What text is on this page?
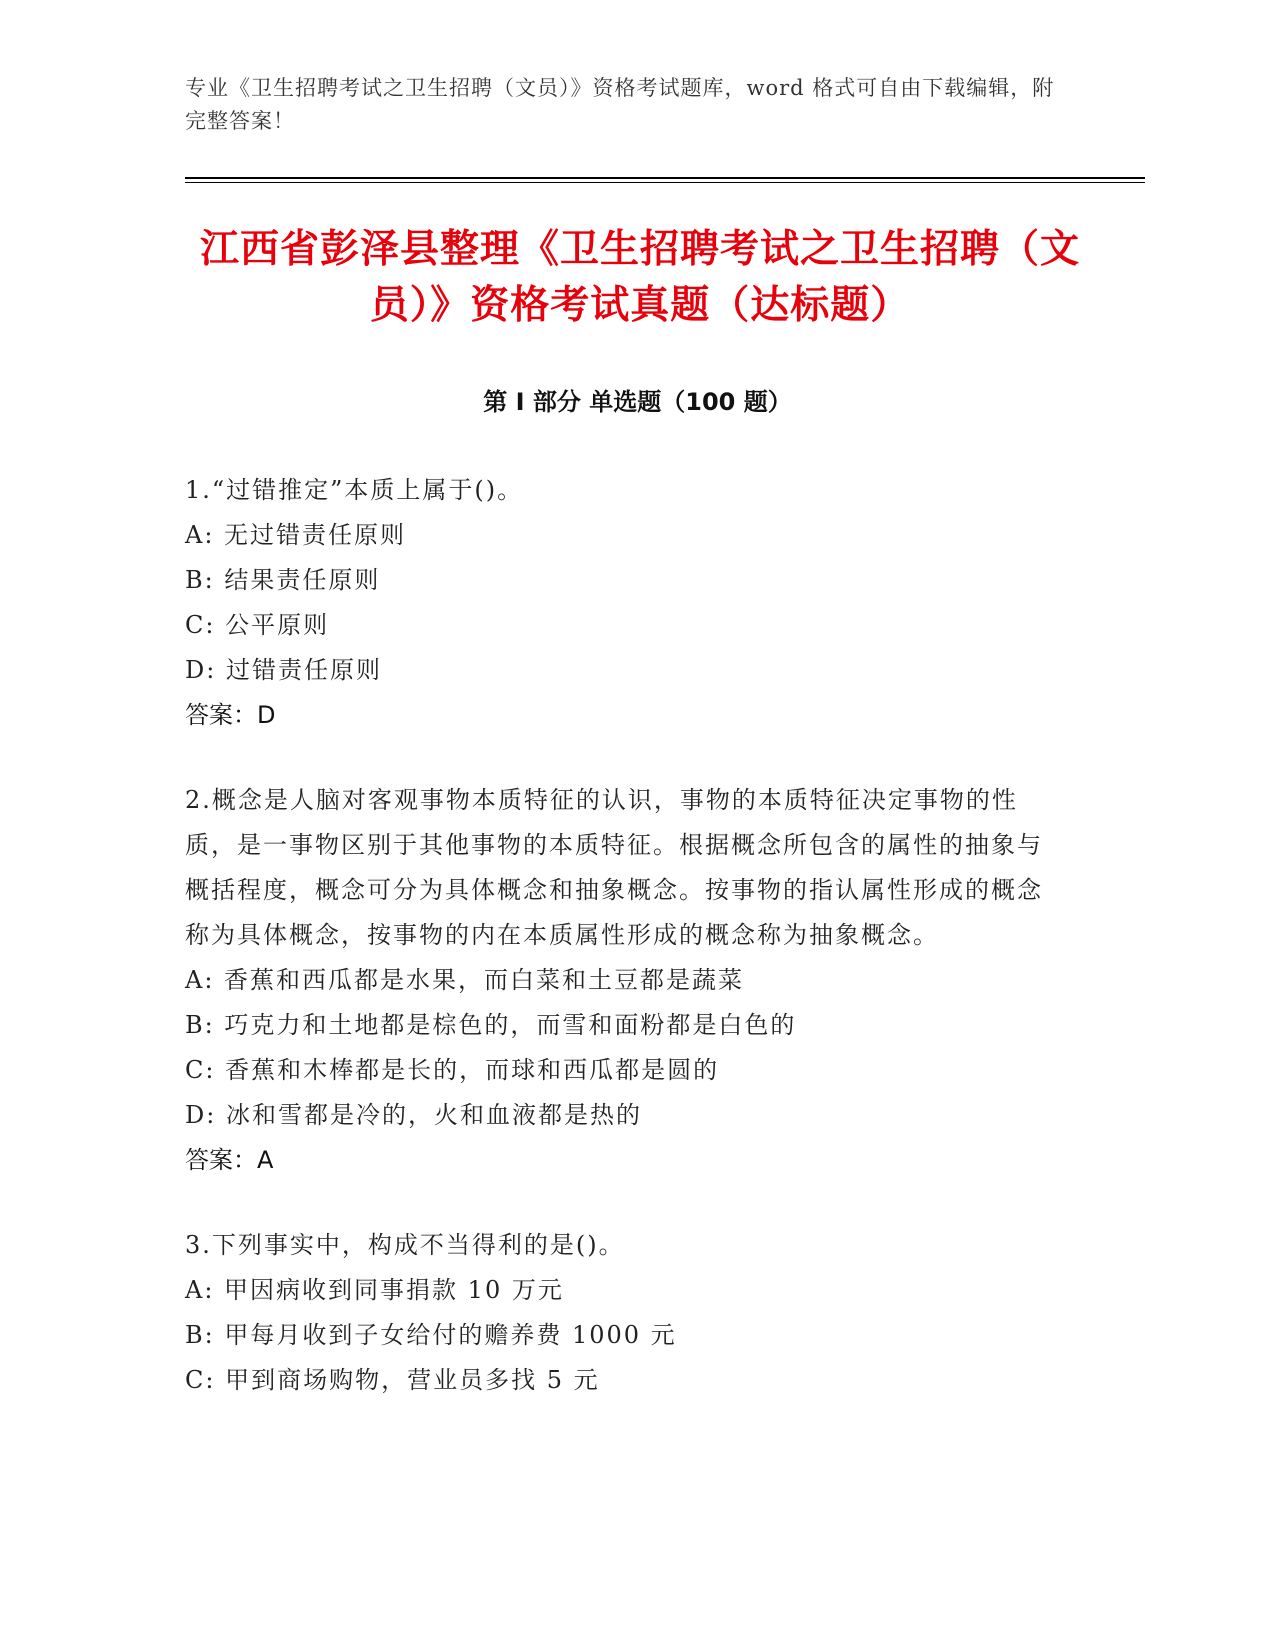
专业《卫生招聘考试之卫生招聘（文员）》资格考试题库，word 格式可自由下载编辑，附完整答案！
江西省彭泽县整理《卫生招聘考试之卫生招聘（文员）》资格考试真题（达标题）
第 I 部分 单选题（100 题）
1.“过错推定”本质上属于()。
A: 无过错责任原则
B: 结果责任原则
C: 公平原则
D: 过错责任原则
答案：D
2.概念是人脑对客观事物本质特征的认识，事物的本质特征决定事物的性质，是一事物区别于其他事物的本质特征。根据概念所包含的属性的抽象与概括程度，概念可分为具体概念和抽象概念。按事物的指认属性形成的概念称为具体概念，按事物的内在本质属性形成的概念称为抽象概念。
A: 香蕉和西瓜都是水果，而白菜和土豆都是蔬菜
B: 巧克力和土地都是棕色的，而雪和面粉都是白色的
C: 香蕉和木棒都是长的，而球和西瓜都是圆的
D: 冰和雪都是冷的，火和血液都是热的
答案：A
3.下列事实中，构成不当得利的是()。
A: 甲因病收到同事捐款 10 万元
B: 甲每月收到子女给付的赡养费 1000 元
C: 甲到商场购物，营业员多找 5 元
